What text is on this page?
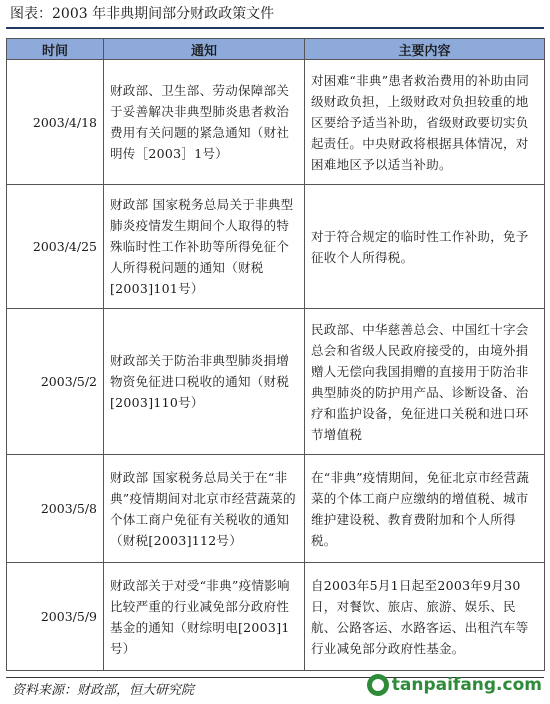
图表：2003 年非典期间部分财政政策文件
时间	通知	主要内容
2003/4/18	财政部、卫生部、劳动保障部关于妥善解决非典型肺炎患者救治费用有关问题的紧急通知（财社明传［2003］1号）	对困难“非典”患者救治费用的补助由同级财政负担，上级财政对负担较重的地区要给予适当补助，省级财政要切实负起责任。中央财政将根据具体情况，对困难地区予以适当补助。
2003/4/25	财政部 国家税务总局关于非典型肺炎疫情发生期间个人取得的特殊临时性工作补助等所得免征个人所得税问题的通知（财税[2003]101号）	对于符合规定的临时性工作补助，免予征收个人所得税。
2003/5/2	财政部关于防治非典型肺炎捐增物资免征进口税收的通知（财税[2003]110号）	民政部、中华慈善总会、中国红十字会总会和省级人民政府接受的，由境外捐赠人无偿向我国捐赠的直接用于防治非典型肺炎的防护用产品、诊断设备、治疗和监护设备，免征进口关税和进口环节增值税
2003/5/8	财政部 国家税务总局关于在“非典”疫情期间对北京市经营蔬菜的个体工商户免征有关税收的通知（财税[2003]112号）	在“非典”疫情期间，免征北京市经营蔬菜的个体工商户应缴纳的增值税、城市维护建设税、教育费附加和个人所得税。
2003/5/9	财政部关于对受“非典”疫情影响比较严重的行业减免部分政府性基金的通知（财综明电[2003]1号）	自2003年5月1日起至2003年9月30日，对餐饮、旅店、旅游、娱乐、民航、公路客运、水路客运、出租汽车等行业减免部分政府性基金。
资料来源：财政部，恒大研究院	tanpaifang.com
